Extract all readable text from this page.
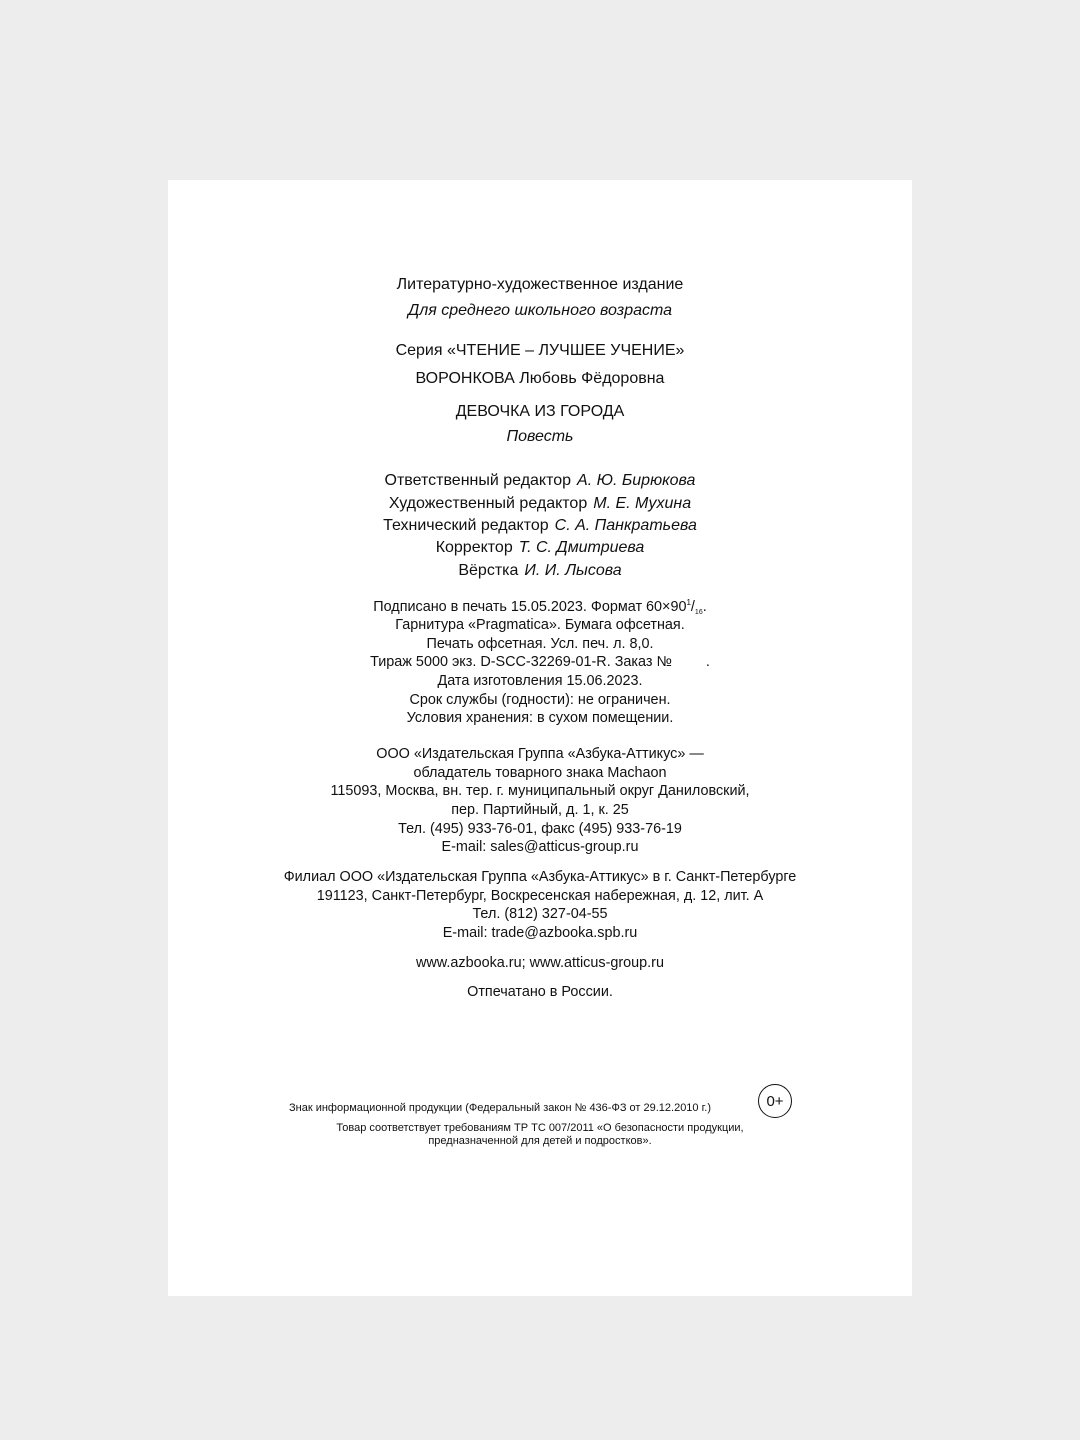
Литературно-художественное издание
Для среднего школьного возраста
Серия «ЧТЕНИЕ – ЛУЧШЕЕ УЧЕНИЕ»
ВОРОНКОВА Любовь Фёдоровна
ДЕВОЧКА ИЗ ГОРОДА
Повесть
Ответственный редактор А. Ю. Бирюкова
Художественный редактор М. Е. Мухина
Технический редактор С. А. Панкратьева
Корректор Т. С. Дмитриева
Вёрстка И. И. Лысова
Подписано в печать 15.05.2023. Формат $60\times 90^1/_{16}$.
Гарнитура «Pragmatica». Бумага офсетная.
Печать офсетная. Усл. печ. л. 8,0.
Тираж 5000 экз. D-SCC-32269-01-R. Заказ № .
Дата изготовления 15.06.2023.
Срок службы (годности): не ограничен.
Условия хранения: в сухом помещении.
ООО «Издательская Группа «Азбука-Аттикус» —
обладатель товарного знака Machaon
115093, Москва, вн. тер. г. муниципальный округ Даниловский,
пер. Партийный, д. 1, к. 25
Тел. (495) 933-76-01, факс (495) 933-76-19
E-mail: sales@atticus-group.ru
Филиал ООО «Издательская Группа «Азбука-Аттикус» в г. Санкт-Петербурге
191123, Санкт-Петербург, Воскресенская набережная, д. 12, лит. А
Тел. (812) 327-04-55
E-mail: trade@azbooka.spb.ru
www.azbooka.ru; www.atticus-group.ru
Отпечатано в России.
Знак информационной продукции (Федеральный закон № 436-ФЗ от 29.12.2010 г.)	0+
Товар соответствует требованиям ТР ТС 007/2011 «О безопасности продукции,
предназначенной для детей и подростков».
